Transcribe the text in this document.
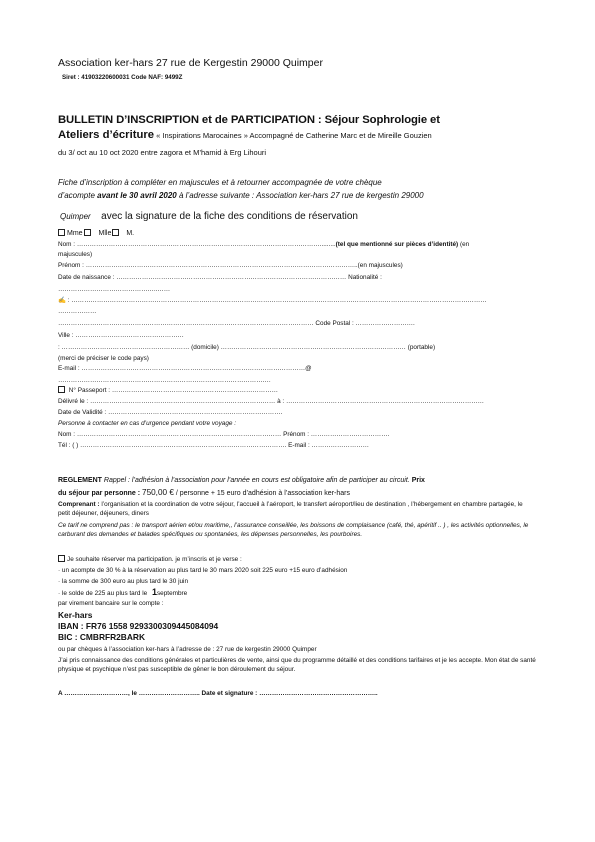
Association ker-hars 27 rue de Kergestin 29000 Quimper
Siret : 41903220600031 Code NAF: 9499Z
BULLETIN D’INSCRIPTION et de PARTICIPATION : Séjour Sophrologie et
Ateliers d’écriture « Inspirations Marocaines » Accompagné de Catherine Marc et de Mireille Gouzien
du 3/ oct au 10 oct 2020 entre zagora et M’hamid à Erg Lihouri
Fiche d’inscription à compléter en majuscules et à retourner accompagnée de votre chèque
d’acompte avant le 30 avril 2020 à l’adresse suivante : Association ker-hars 27 rue de kergestin 29000
Quimper avec la signature de la fiche des conditions de réservation
Mme Mlle M.
Nom : …………………………………………………………………………………………………….........(tel que mentionné sur pièces d’identité) (en
majuscules)
Prénom : ………………………………………………………………………………………………………………..(en majuscules)
Date de naissance : ……………………………………………………………………………………………… Nationalité :
………………………………………..……
✍ : ……………………………………………………………………………………………………………………………………………………………………………
………………
………………………………………………………………………………………………………… Code Postal : ……………………….
Ville : ……………………………………………
: …………………………………………………… (domicile) …………………………………………………………………………… (portable)
(merci de préciser le code pays)
E-mail : ……………………………………………………………………………………………@
……………………………………………………………………………………….
N° Passeport : ……………………………………………………………………
Délivré le : …………………………………………………………………………… à : …………………………………………………………………………………
Date de Validité : ……………………………………………………………………….
Personne à contacter en cas d’urgence pendant votre voyage :
Nom : …………………………………………………………………………………… Prénom : ……………………………….
Tél : ( ) ……………………………………………………………………………………. E-mail : ………………………
REGLEMENT Rappel : l’adhésion à l’association pour l’année en cours est obligatoire afin de participer au circuit. Prix
du séjour par personne : 750,00 € / personne + 15 euro d’adhésion à l’association ker-hars
Comprenant : l’organisation et la coordination de votre séjour, l’accueil à l’aéroport, le transfert aéroport/lieu de destination , l’hébergement en chambre partagée, le petit déjeuner, déjeuners, diners
Ce tarif ne comprend pas : le transport aérien et/ou maritime,, l’assurance conseillée, les boissons de complaisance (café, thé, apéritif .. ) , les activités optionnelles, le carburant des demandes et balades spécifiques ou spontanées, les dépenses personnelles, les pourboires.
Je souhaite réserver ma participation. je m’inscris et je verse :
· un acompte de 30 % à la réservation au plus tard le 30 mars 2020 soit 225 euro +15 euro d’adhésion
· la somme de 300 euro au plus tard le 30 juin
· le solde de 225 au plus tard le 1septembre
par virement bancaire sur le compte :
Ker-hars
IBAN : FR76 1558 9293300309445084094
BIC : CMBRFR2BARK
ou par chèques à l’association ker-hars à l’adresse de : 27 rue de kergestin 29000 Quimper
J’ai pris connaissance des conditions générales et particulières de vente, ainsi que du programme détaillé et des conditions tarifaires et je les accepte. Mon état de santé physique et psychique n’est pas susceptible de gêner le bon déroulement du séjour.
A …………………………, le ……………………….. Date et signature : ………………………………………………..
